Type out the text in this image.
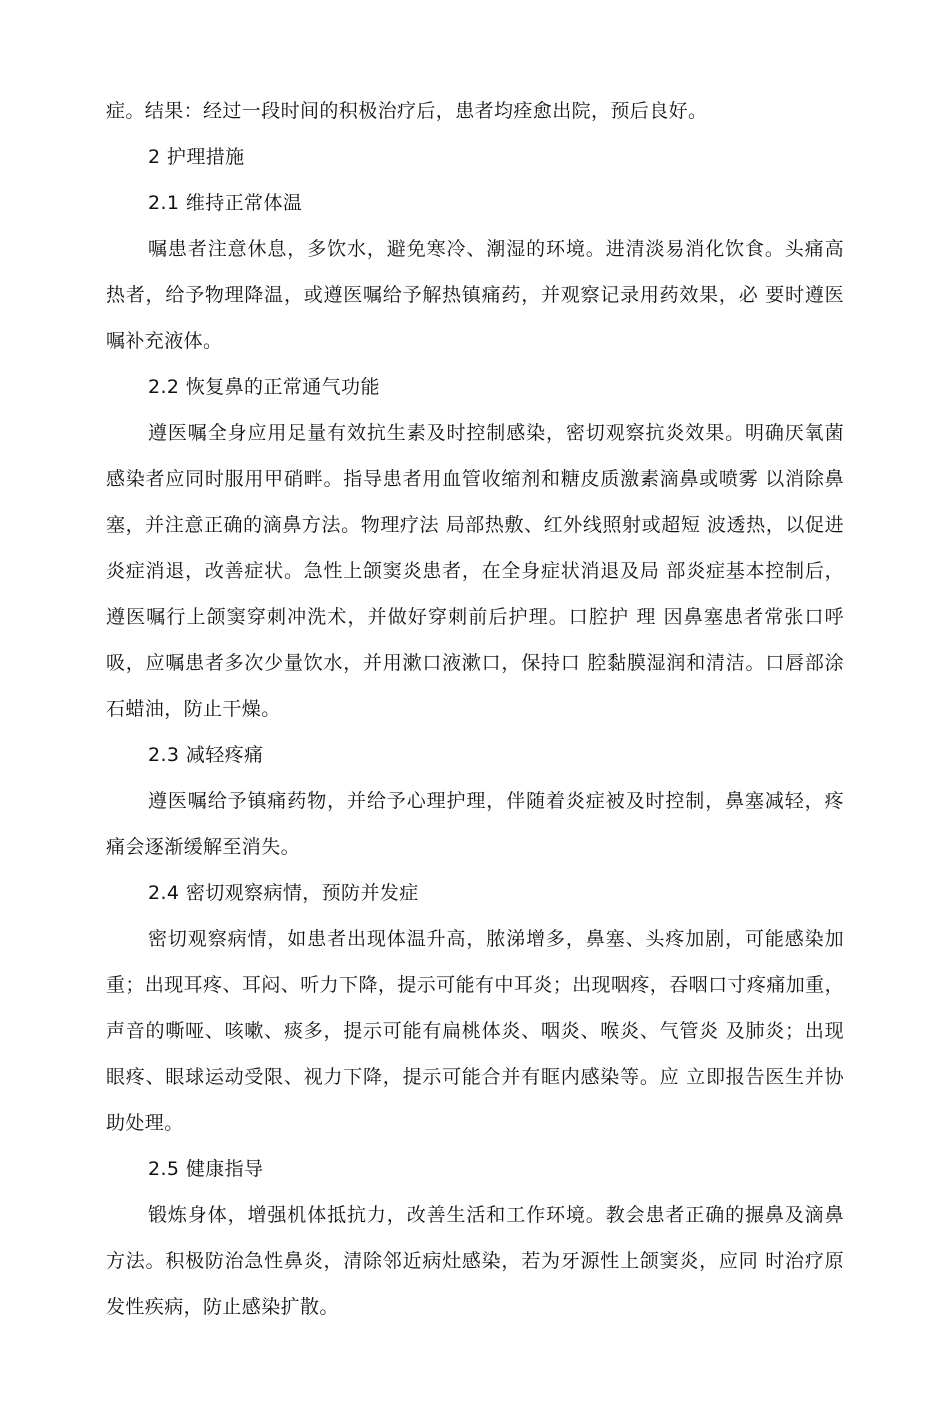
症。结果：经过一段时间的积极治疗后，患者均痊愈出院，预后良好。

2 护理措施

2.1 维持正常体温

嘱患者注意休息，多饮水，避免寒冷、潮湿的环境。进清淡易消化饮食。头痛高热者，给予物理降温，或遵医嘱给予解热镇痛药，并观察记录用药效果，必 要时遵医嘱补充液体。

2.2 恢复鼻的正常通气功能

遵医嘱全身应用足量有效抗生素及时控制感染，密切观察抗炎效果。明确厌氧菌感染者应同时服用甲硝畔。指导患者用血管收缩剂和糖皮质激素滴鼻或喷雾 以消除鼻塞，并注意正确的滴鼻方法。物理疗法 局部热敷、红外线照射或超短 波透热，以促进炎症消退，改善症状。急性上颌窦炎患者，在全身症状消退及局 部炎症基本控制后，遵医嘱行上颌窦穿刺冲洗术，并做好穿刺前后护理。口腔护 理 因鼻塞患者常张口呼吸，应嘱患者多次少量饮水，并用漱口液漱口，保持口 腔黏膜湿润和清洁。口唇部涂石蜡油，防止干燥。

2.3 减轻疼痛

遵医嘱给予镇痛药物，并给予心理护理，伴随着炎症被及时控制，鼻塞减轻，疼痛会逐渐缓解至消失。

2.4 密切观察病情，预防并发症

密切观察病情，如患者出现体温升高，脓涕增多，鼻塞、头疼加剧，可能感染加重；出现耳疼、耳闷、听力下降，提示可能有中耳炎；出现咽疼，吞咽口寸疼痛加重，声音的嘶哑、咳嗽、痰多，提示可能有扁桃体炎、咽炎、喉炎、气管炎 及肺炎；出现眼疼、眼球运动受限、视力下降，提示可能合并有眶内感染等。应 立即报告医生并协助处理。

2.5 健康指导

锻炼身体，增强机体抵抗力，改善生活和工作环境。教会患者正确的搌鼻及滴鼻方法。积极防治急性鼻炎，清除邻近病灶感染，若为牙源性上颌窦炎，应同 时治疗原发性疾病，防止感染扩散。
